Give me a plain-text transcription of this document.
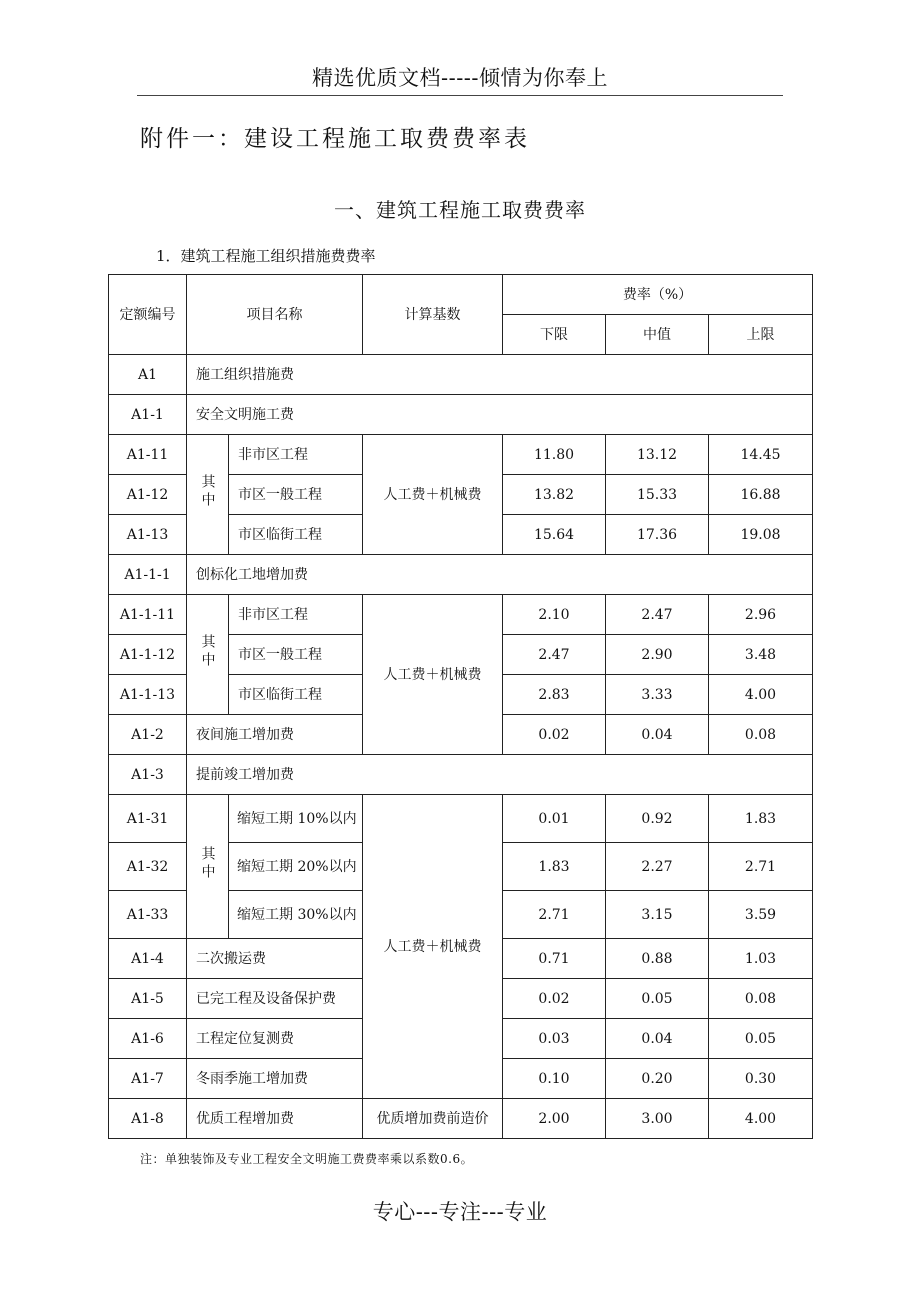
精选优质文档-----倾情为你奉上
附件一：建设工程施工取费费率表
一、建筑工程施工取费费率
1．建筑工程施工组织措施费费率
定额编号	项目名称		计算基数	费率（%）		
				下限	中值	上限
A1	施工组织措施费					
A1-1	安全文明施工费					
A1-11	其中	非市区工程	人工费＋机械费	11.80	13.12	14.45
A1-12		市区一般工程		13.82	15.33	16.88
A1-13		市区临街工程		15.64	17.36	19.08
A1-1-1	创标化工地增加费					
A1-1-11	其中	非市区工程	人工费＋机械费	2.10	2.47	2.96
A1-1-12		市区一般工程		2.47	2.90	3.48
A1-1-13		市区临街工程		2.83	3.33	4.00
A1-2	夜间施工增加费			0.02	0.04	0.08
A1-3	提前竣工增加费					
A1-31	其中	缩短工期 10%以内	人工费＋机械费	0.01	0.92	1.83
A1-32		缩短工期 20%以内		1.83	2.27	2.71
A1-33		缩短工期 30%以内		2.71	3.15	3.59
A1-4	二次搬运费			0.71	0.88	1.03
A1-5	已完工程及设备保护费			0.02	0.05	0.08
A1-6	工程定位复测费			0.03	0.04	0.05
A1-7	冬雨季施工增加费			0.10	0.20	0.30
A1-8	优质工程增加费		优质增加费前造价	2.00	3.00	4.00
注：单独装饰及专业工程安全文明施工费费率乘以系数0.6。
专心---专注---专业
